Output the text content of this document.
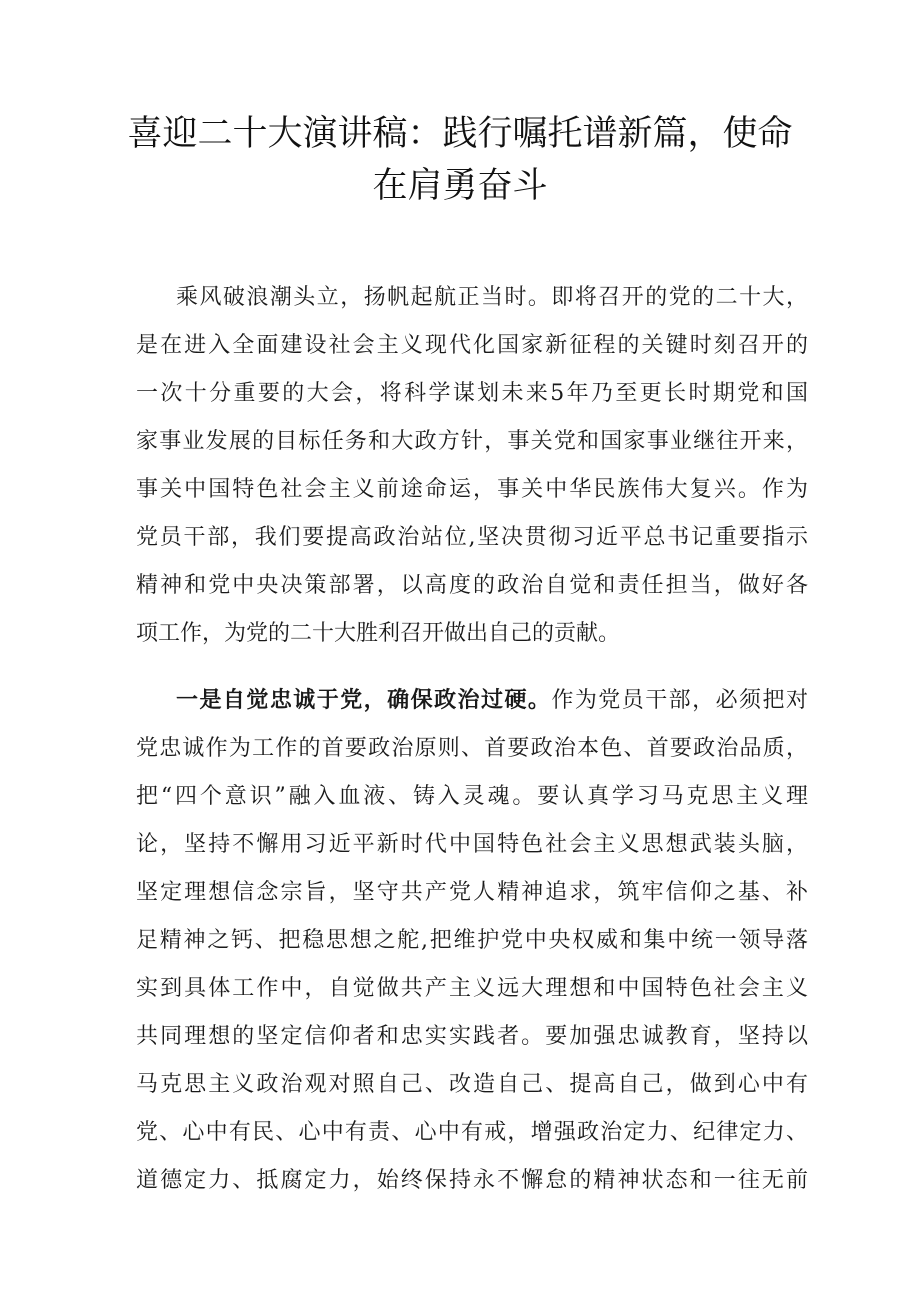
喜迎二十大演讲稿：践行嘱托谱新篇，使命
在肩勇奋斗
乘风破浪潮头立，扬帆起航正当时。即将召开的党的二十大，
是在进入全面建设社会主义现代化国家新征程的关键时刻召开的
一次十分重要的大会，将科学谋划未来5年乃至更长时期党和国
家事业发展的目标任务和大政方针，事关党和国家事业继往开来，
事关中国特色社会主义前途命运，事关中华民族伟大复兴。作为
党员干部，我们要提高政治站位,坚决贯彻习近平总书记重要指示
精神和党中央决策部署，以高度的政治自觉和责任担当，做好各
项工作，为党的二十大胜利召开做出自己的贡献。
一是自觉忠诚于党，确保政治过硬。作为党员干部，必须把对
党忠诚作为工作的首要政治原则、首要政治本色、首要政治品质，
把“四个意识”融入血液、铸入灵魂。要认真学习马克思主义理
论，坚持不懈用习近平新时代中国特色社会主义思想武装头脑，
坚定理想信念宗旨，坚守共产党人精神追求，筑牢信仰之基、补
足精神之钙、把稳思想之舵,把维护党中央权威和集中统一领导落
实到具体工作中，自觉做共产主义远大理想和中国特色社会主义
共同理想的坚定信仰者和忠实实践者。要加强忠诚教育，坚持以
马克思主义政治观对照自己、改造自己、提高自己，做到心中有
党、心中有民、心中有责、心中有戒，增强政治定力、纪律定力、
道德定力、抵腐定力，始终保持永不懈怠的精神状态和一往无前
